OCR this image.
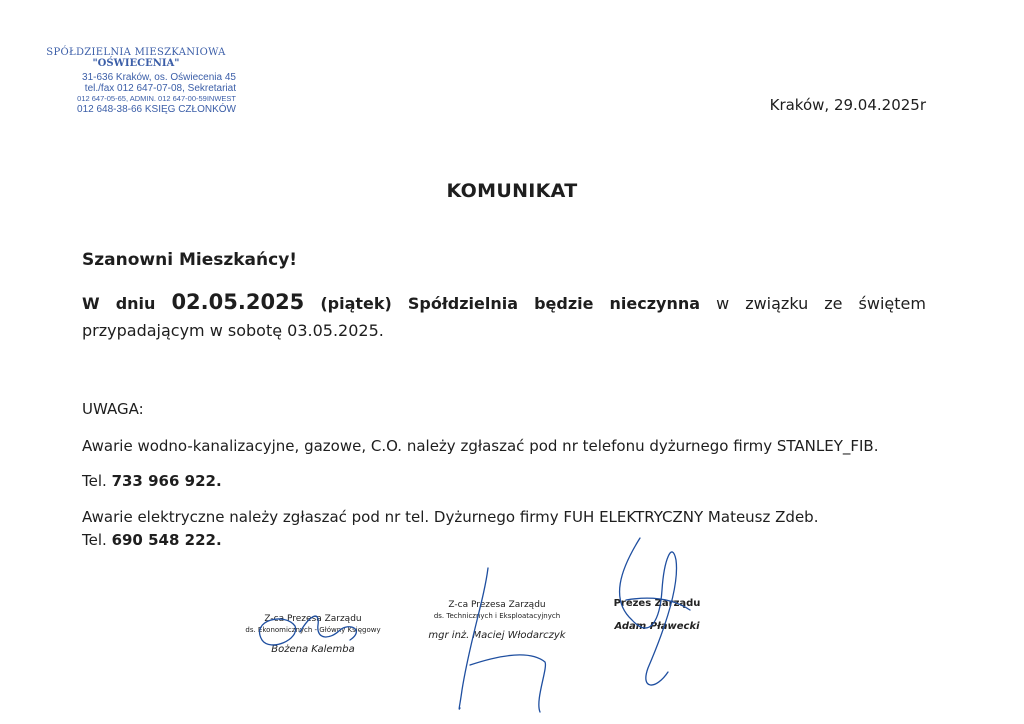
SPÓŁDZIELNIA MIESZKANIOWA
"OŚWIECENIA"
31-636 Kraków, os. Oświecenia 45
tel./fax 012 647-07-08, Sekretariat
012 647-05-65, ADMIN. 012 647-00-59INWEST
012 648-38-66 KSIĘG CZŁONKÓW	Kraków, 29.04.2025r
KOMUNIKAT
Szanowni Mieszkańcy!
W dniu 02.05.2025 (piątek) Spółdzielnia będzie nieczynna w związku ze świętem
przypadającym w sobotę 03.05.2025.
UWAGA:
Awarie wodno-kanalizacyjne, gazowe, C.O. należy zgłaszać pod nr telefonu dyżurnego firmy STANLEY_FIB.
Tel. 733 966 922.
Awarie elektryczne należy zgłaszać pod nr tel. Dyżurnego firmy FUH ELEKTRYCZNY Mateusz Zdeb.
Tel. 690 548 222.
Z-ca Prezesa Zarządu
ds. Ekonomicznych - Główny Księgowy
Bożena Kalemba
Z-ca Prezesa Zarządu
ds. Technicznych i Eksploatacyjnych
mgr inż. Maciej Włodarczyk
Prezes Zarządu
Adam Pławecki
